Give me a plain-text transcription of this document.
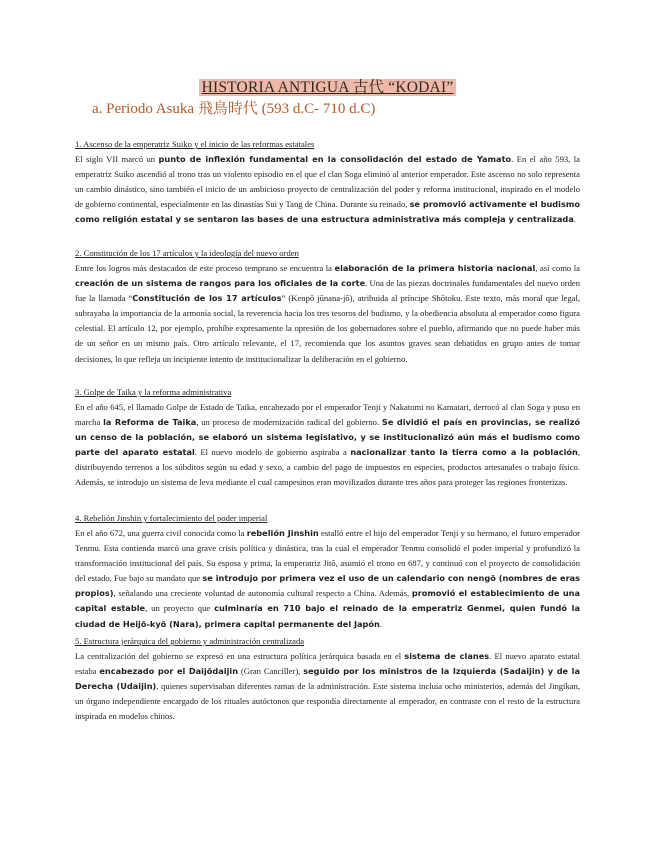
HISTORIA ANTIGUA 古代 “KODAI”
a. Periodo Asuka 飛鳥時代 (593 d.C- 710 d.C)
1. Ascenso de la emperatriz Suiko y el inicio de las reformas estatales

El siglo VII marcó un punto de inflexión fundamental en la consolidación del estado de Yamato. En el año 593, la emperatriz Suiko ascendió al trono tras un violento episodio en el que el clan Soga eliminó al anterior emperador. Este ascenso no solo representa un cambio dinástico, sino también el inicio de un ambicioso proyecto de centralización del poder y reforma institucional, inspirado en el modelo de gobierno continental, especialmente en las dinastías Sui y Tang de China. Durante su reinado, se promovió activamente el budismo como religión estatal y se sentaron las bases de una estructura administrativa más compleja y centralizada.

2. Constitución de los 17 artículos y la ideología del nuevo orden

Entre los logros más destacados de este proceso temprano se encuentra la elaboración de la primera historia nacional, así como la creación de un sistema de rangos para los oficiales de la corte. Una de las piezas doctrinales fundamentales del nuevo orden fue la llamada “Constitución de los 17 artículos” (Kenpō jūnana-jō), atribuida al príncipe Shōtoku. Este texto, más moral que legal, subrayaba la importancia de la armonía social, la reverencia hacia los tres tesoros del budismo, y la obediencia absoluta al emperador como figura celestial. El artículo 12, por ejemplo, prohíbe expresamente la opresión de los gobernadores sobre el pueblo, afirmando que no puede haber más de un señor en un mismo país. Otro artículo relevante, el 17, recomienda que los asuntos graves sean debatidos en grupo antes de tomar decisiones, lo que refleja un incipiente intento de institucionalizar la deliberación en el gobierno.

3. Golpe de Taika y la reforma administrativa

En el año 645, el llamado Golpe de Estado de Taika, encabezado por el emperador Tenji y Nakatomi no Kamatari, derrocó al clan Soga y puso en marcha la Reforma de Taika, un proceso de modernización radical del gobierno. Se dividió el país en provincias, se realizó un censo de la población, se elaboró un sistema legislativo, y se institucionalizó aún más el budismo como parte del aparato estatal. El nuevo modelo de gobierno aspiraba a nacionalizar tanto la tierra como a la población, distribuyendo terrenos a los súbditos según su edad y sexo, a cambio del pago de impuestos en especies, productos artesanales o trabajo físico. Además, se introdujo un sistema de leva mediante el cual campesinos eran movilizados durante tres años para proteger las regiones fronterizas.

4. Rebelión Jinshin y fortalecimiento del poder imperial

En el año 672, una guerra civil conocida como la rebelión Jinshin estalló entre el hijo del emperador Tenji y su hermano, el futuro emperador Tenmu. Esta contienda marcó una grave crisis política y dinástica, tras la cual el emperador Tenmu consolidó el poder imperial y profundizó la transformación institucional del país. Su esposa y prima, la emperatriz Jitō, asumió el trono en 687, y continuó con el proyecto de consolidación del estado. Fue bajo su mandato que se introdujo por primera vez el uso de un calendario con nengō (nombres de eras propios), señalando una creciente voluntad de autonomía cultural respecto a China. Además, promovió el establecimiento de una capital estable, un proyecto que culminaría en 710 bajo el reinado de la emperatriz Genmei, quien fundó la ciudad de Heijō-kyō (Nara), primera capital permanente del Japón.

5. Estructura jerárquica del gobierno y administración centralizada

La centralización del gobierno se expresó en una estructura política jerárquica basada en el sistema de clanes. El nuevo aparato estatal estaba encabezado por el Daijōdaijin (Gran Canciller), seguido por los ministros de la Izquierda (Sadaijin) y de la Derecha (Udaijin), quienes supervisaban diferentes ramas de la administración. Este sistema incluía ocho ministerios, además del Jingikan, un órgano independiente encargado de los rituales autóctonos que respondía directamente al emperador, en contraste con el resto de la estructura inspirada en modelos chinos.
